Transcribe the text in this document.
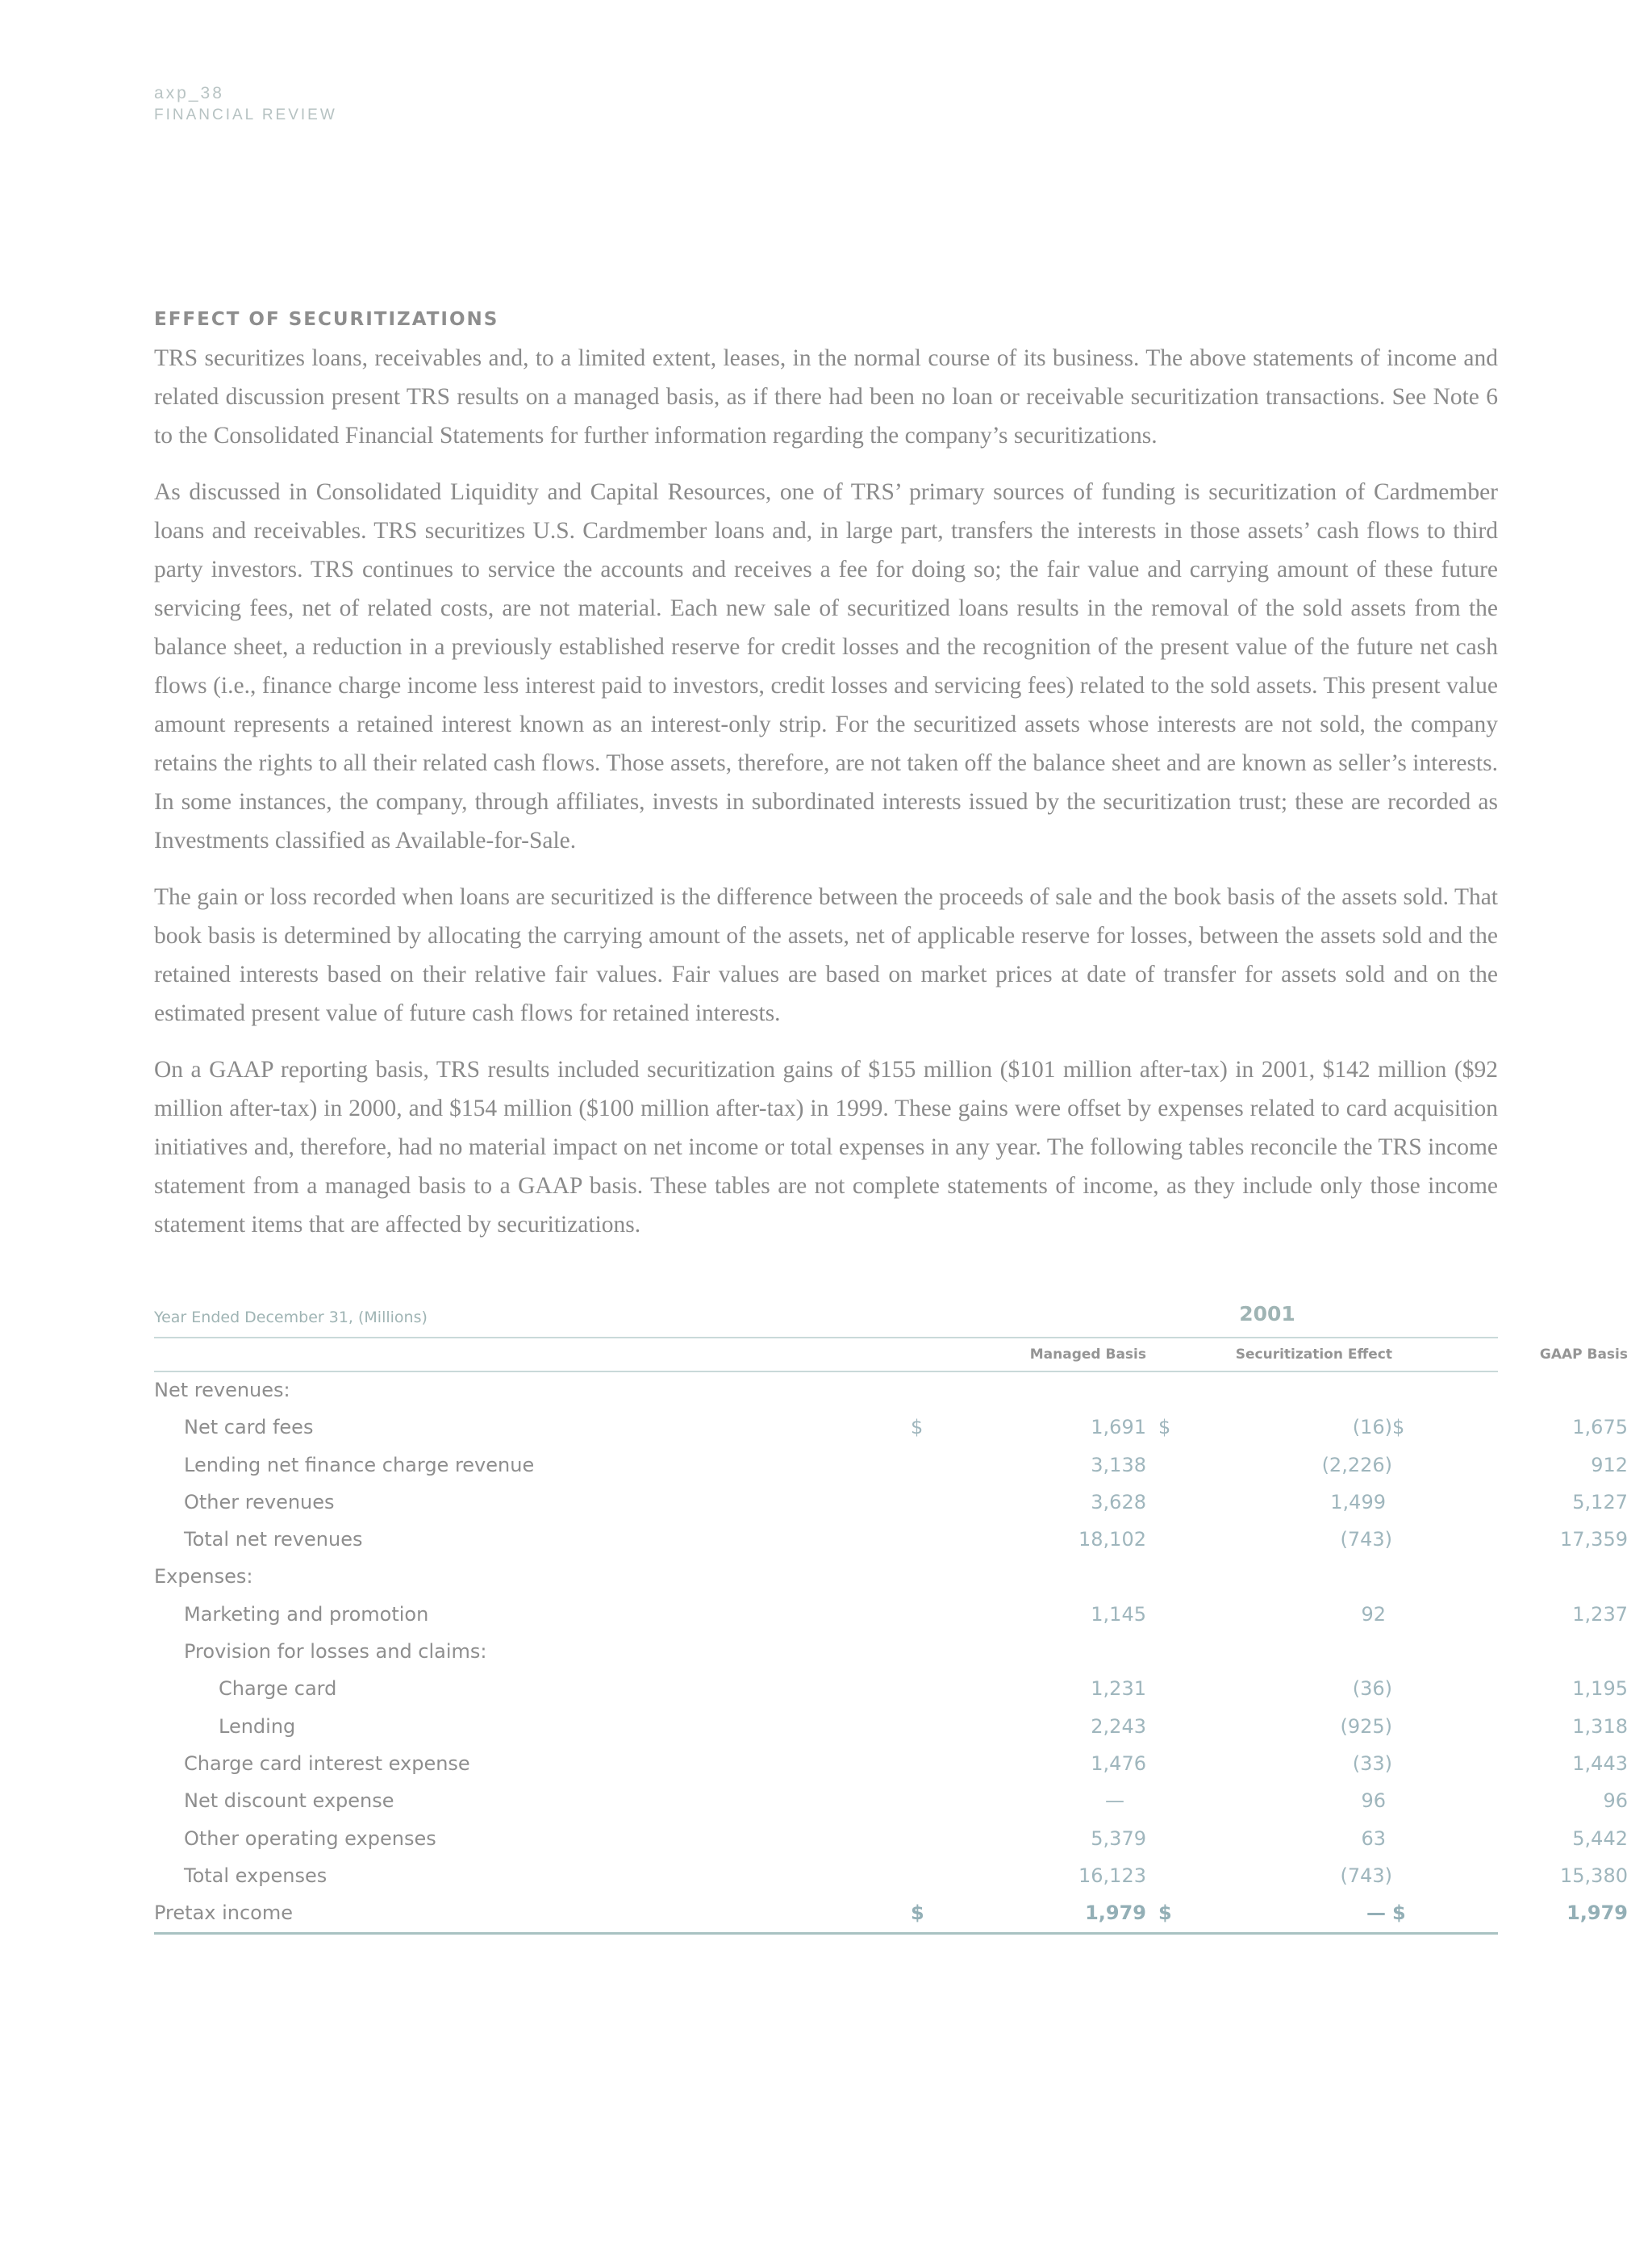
axp_38
FINANCIAL REVIEW
EFFECT OF SECURITIZATIONS

TRS securitizes loans, receivables and, to a limited extent, leases, in the normal course of its business. The above statements of income and related discussion present TRS results on a managed basis, as if there had been no loan or receivable securitization transactions. See Note 6 to the Consolidated Financial Statements for further information regarding the company’s securitizations.

As discussed in Consolidated Liquidity and Capital Resources, one of TRS’ primary sources of funding is securitization of Cardmember loans and receivables. TRS securitizes U.S. Cardmember loans and, in large part, transfers the interests in those assets’ cash flows to third party investors. TRS continues to service the accounts and receives a fee for doing so; the fair value and carrying amount of these future servicing fees, net of related costs, are not material. Each new sale of securitized loans results in the removal of the sold assets from the balance sheet, a reduction in a previously established reserve for credit losses and the recognition of the present value of the future net cash flows (i.e., finance charge income less interest paid to investors, credit losses and servicing fees) related to the sold assets. This present value amount represents a retained interest known as an interest-only strip. For the securitized assets whose interests are not sold, the company retains the rights to all their related cash flows. Those assets, therefore, are not taken off the balance sheet and are known as seller’s interests. In some instances, the company, through affiliates, invests in subordinated interests issued by the securitization trust; these are recorded as Investments classified as Available-for-Sale.

The gain or loss recorded when loans are securitized is the difference between the proceeds of sale and the book basis of the assets sold. That book basis is determined by allocating the carrying amount of the assets, net of applicable reserve for losses, between the assets sold and the retained interests based on their relative fair values. Fair values are based on market prices at date of transfer for assets sold and on the estimated present value of future cash flows for retained interests.

On a GAAP reporting basis, TRS results included securitization gains of $155 million ($101 million after-tax) in 2001, $142 million ($92 million after-tax) in 2000, and $154 million ($100 million after-tax) in 1999. These gains were offset by expenses related to card acquisition initiatives and, therefore, had no material impact on net income or total expenses in any year. The following tables reconcile the TRS income statement from a managed basis to a GAAP basis. These tables are not complete statements of income, as they include only those income statement items that are affected by securitizations.

Year Ended December 31, (Millions)	2001
Managed Basis	Securitization Effect	GAAP Basis
Net revenues:
Net card fees	$	1,691 $	(16) $	1,675
Lending net finance charge revenue	3,138	(2,226)	912
Other revenues	3,628	1,499	5,127
Total net revenues	18,102	(743)	17,359
Expenses:
Marketing and promotion	1,145	92	1,237
Provision for losses and claims:
Charge card	1,231	(36)	1,195
Lending	2,243	(925)	1,318
Charge card interest expense	1,476	(33)	1,443
Net discount expense	—	96	96
Other operating expenses	5,379	63	5,442
Total expenses	16,123	(743)	15,380
Pretax income	$	1,979 $	— $	1,979
